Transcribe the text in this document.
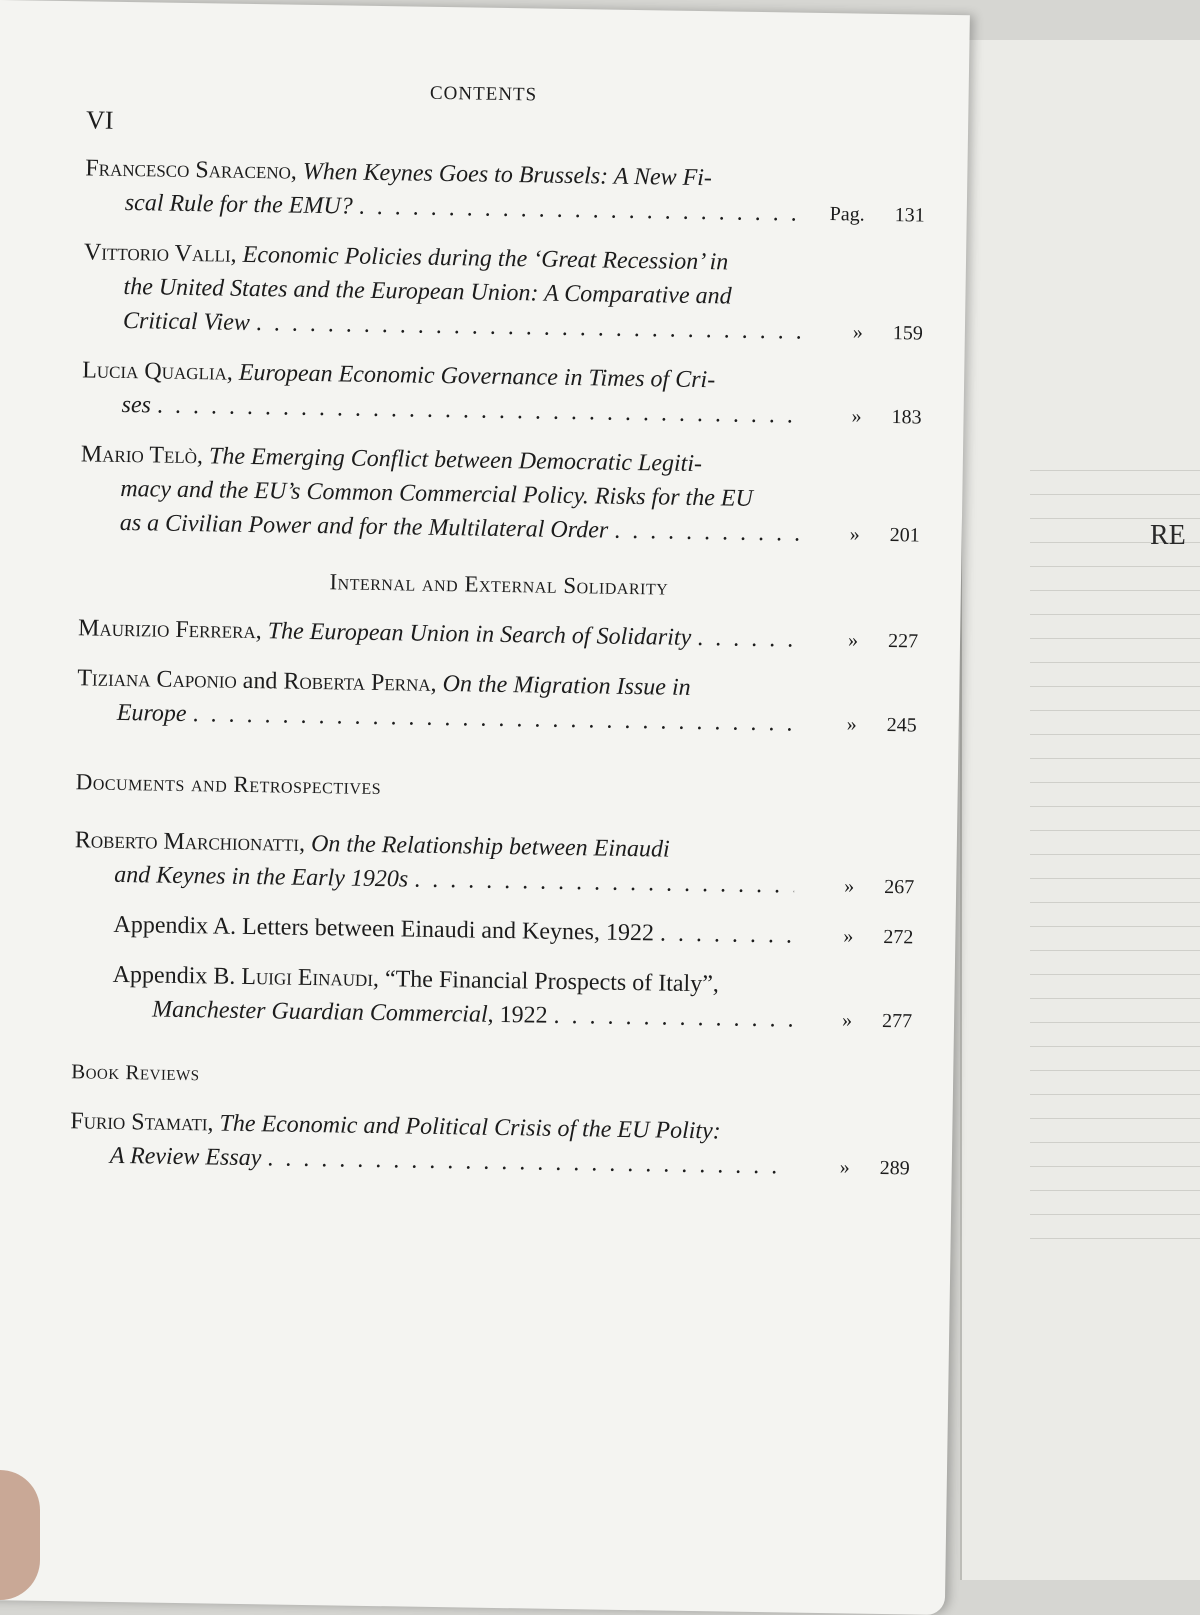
RE
CONTENTS
VI
Francesco Saraceno, When Keynes Goes to Brussels: A New Fi-
scal Rule for the EMU? . . .	Pag. 131
Vittorio Valli, Economic Policies during the ‘Great Recession’ in
the United States and the European Union: A Comparative and
Critical View . . .	» 159
Lucia Quaglia, European Economic Governance in Times of Cri-
ses . . .	» 183
Mario Telò, The Emerging Conflict between Democratic Legiti-
macy and the EU’s Common Commercial Policy. Risks for the EU
as a Civilian Power and for the Multilateral Order . . .	» 201
Internal and External Solidarity
Maurizio Ferrera, The European Union in Search of Solidarity . . .	» 227
Tiziana Caponio and Roberta Perna, On the Migration Issue in
Europe . . .	» 245
Documents and Retrospectives
Roberto Marchionatti, On the Relationship between Einaudi
and Keynes in the Early 1920s . . .	» 267
Appendix A. Letters between Einaudi and Keynes, 1922 . . .	» 272
Appendix B. Luigi Einaudi, “The Financial Prospects of Italy”,
Manchester Guardian Commercial, 1922 . . .	» 277
Book Reviews
Furio Stamati, The Economic and Political Crisis of the EU Polity:
A Review Essay . . .	» 289
